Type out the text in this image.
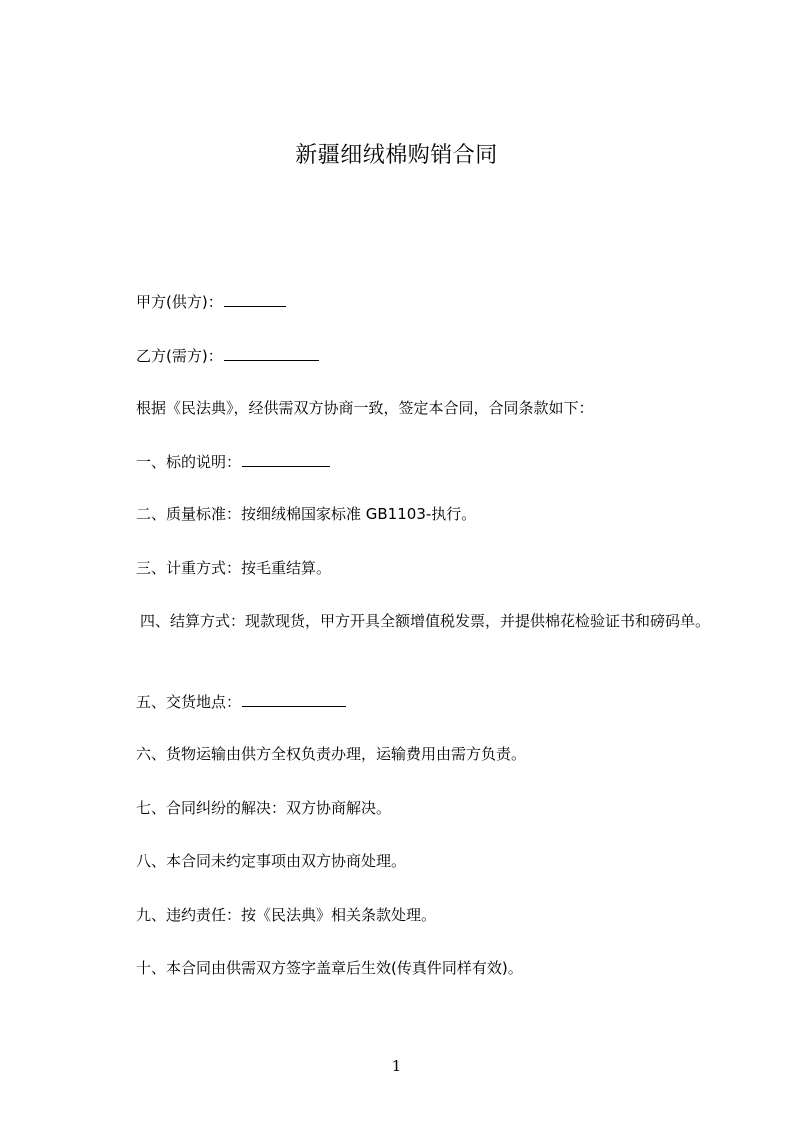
新疆细绒棉购销合同
甲方(供方)：
乙方(需方)：
根据《民法典》，经供需双方协商一致，签定本合同，合同条款如下：
一、标的说明：
二、质量标准：按细绒棉国家标准 GB1103-执行。
三、计重方式：按毛重结算。
四、结算方式：现款现货，甲方开具全额增值税发票，并提供棉花检验证书和磅码单。
五、交货地点：
六、货物运输由供方全权负责办理，运输费用由需方负责。
七、合同纠纷的解决：双方协商解决。
八、本合同未约定事项由双方协商处理。
九、违约责任：按《民法典》相关条款处理。
十、本合同由供需双方签字盖章后生效(传真件同样有效)。
1
